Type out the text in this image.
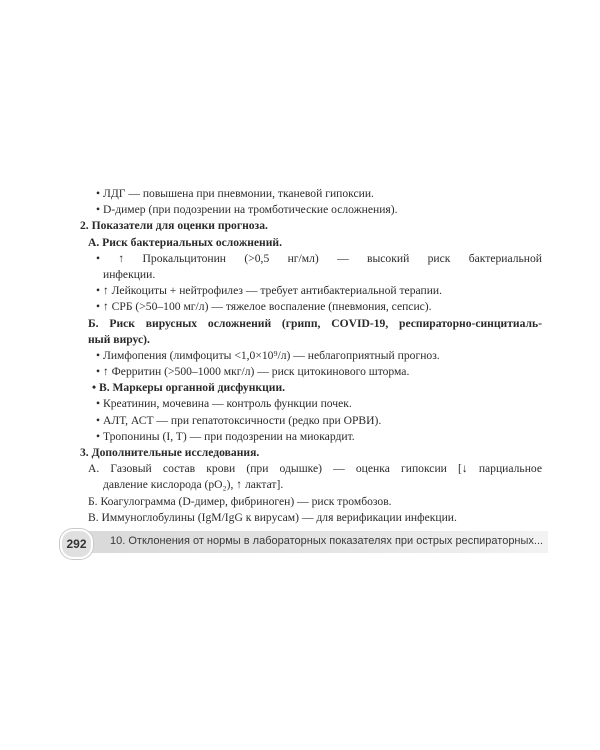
• ЛДГ — повышена при пневмонии, тканевой гипоксии.
• D-димер (при подозрении на тромботические осложнения).
2. Показатели для оценки прогноза.
А. Риск бактериальных осложнений.
• ↑ Прокальцитонин (>0,5 нг/мл) — высокий риск бактериальной
инфекции.
• ↑ Лейкоциты + нейтрофилез — требует антибактериальной терапии.
• ↑ СРБ (>50–100 мг/л) — тяжелое воспаление (пневмония, сепсис).
Б. Риск вирусных осложнений (грипп, COVID-19, респираторно-синцитиаль-
ный вирус).
• Лимфопения (лимфоциты <1,0×10⁹/л) — неблагоприятный прогноз.
• ↑ Ферритин (>500–1000 мкг/л) — риск цитокинового шторма.
• В. Маркеры органной дисфункции.
• Креатинин, мочевина — контроль функции почек.
• АЛТ, АСТ — при гепатотоксичности (редко при ОРВИ).
• Тропонины (I, T) — при подозрении на миокардит.
3. Дополнительные исследования.
А. Газовый состав крови (при одышке) — оценка гипоксии [↓ парциальное
давление кислорода (pO₂), ↑ лактат].
Б. Коагулограмма (D-димер, фибриноген) — риск тромбозов.
В. Иммуноглобулины (IgM/IgG к вирусам) — для верификации инфекции.
292	10. Отклонения от нормы в лабораторных показателях при острых респираторных...
